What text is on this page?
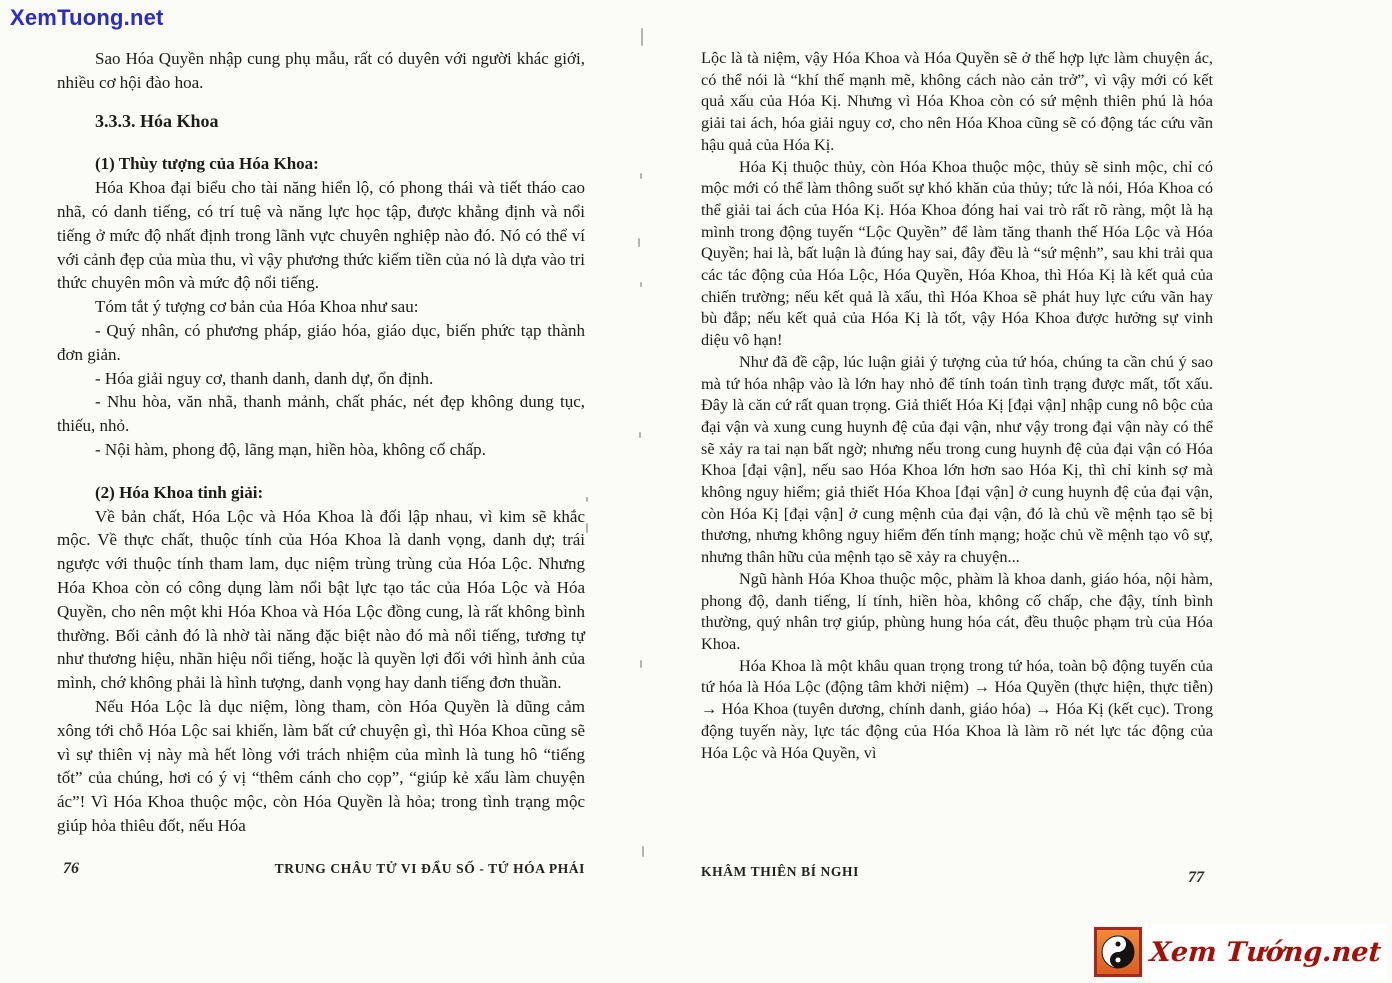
XemTuong.net

Sao Hóa Quyền nhập cung phụ mẫu, rất có duyên với người khác giới, nhiều cơ hội đào hoa.

3.3.3. Hóa Khoa

(1) Thùy tượng của Hóa Khoa:

Hóa Khoa đại biểu cho tài năng hiển lộ, có phong thái và tiết tháo cao nhã, có danh tiếng, có trí tuệ và năng lực học tập, được khẳng định và nổi tiếng ở mức độ nhất định trong lãnh vực chuyên nghiệp nào đó. Nó có thể ví với cảnh đẹp của mùa thu, vì vậy phương thức kiếm tiền của nó là dựa vào tri thức chuyên môn và mức độ nổi tiếng.

Tóm tắt ý tượng cơ bản của Hóa Khoa như sau:

- Quý nhân, có phương pháp, giáo hóa, giáo dục, biến phức tạp thành đơn giản.

- Hóa giải nguy cơ, thanh danh, danh dự, ổn định.

- Nhu hòa, văn nhã, thanh mảnh, chất phác, nét đẹp không dung tục, thiếu, nhỏ.

- Nội hàm, phong độ, lãng mạn, hiền hòa, không cố chấp.

(2) Hóa Khoa tinh giải:

Về bản chất, Hóa Lộc và Hóa Khoa là đối lập nhau, vì kim sẽ khắc mộc. Về thực chất, thuộc tính của Hóa Khoa là danh vọng, danh dự; trái ngược với thuộc tính tham lam, dục niệm trùng trùng của Hóa Lộc. Nhưng Hóa Khoa còn có công dụng làm nổi bật lực tạo tác của Hóa Lộc và Hóa Quyền, cho nên một khi Hóa Khoa và Hóa Lộc đồng cung, là rất không bình thường. Bối cảnh đó là nhờ tài năng đặc biệt nào đó mà nổi tiếng, tương tự như thương hiệu, nhãn hiệu nổi tiếng, hoặc là quyền lợi đối với hình ảnh của mình, chớ không phải là hình tượng, danh vọng hay danh tiếng đơn thuần.

Nếu Hóa Lộc là dục niệm, lòng tham, còn Hóa Quyền là dũng cảm xông tới chỗ Hóa Lộc sai khiến, làm bất cứ chuyện gì, thì Hóa Khoa cũng sẽ vì sự thiên vị này mà hết lòng với trách nhiệm của mình là tung hô “tiếng tốt” của chúng, hơi có ý vị “thêm cánh cho cọp”, “giúp kẻ xấu làm chuyện ác”! Vì Hóa Khoa thuộc mộc, còn Hóa Quyền là hỏa; trong tình trạng mộc giúp hỏa thiêu đốt, nếu Hóa

Lộc là tà niệm, vậy Hóa Khoa và Hóa Quyền sẽ ở thế hợp lực làm chuyện ác, có thể nói là “khí thế mạnh mẽ, không cách nào cản trở”, vì vậy mới có kết quả xấu của Hóa Kị. Nhưng vì Hóa Khoa còn có sứ mệnh thiên phú là hóa giải tai ách, hóa giải nguy cơ, cho nên Hóa Khoa cũng sẽ có động tác cứu vãn hậu quả của Hóa Kị.

Hóa Kị thuộc thủy, còn Hóa Khoa thuộc mộc, thủy sẽ sinh mộc, chỉ có mộc mới có thể làm thông suốt sự khó khăn của thủy; tức là nói, Hóa Khoa có thể giải tai ách của Hóa Kị. Hóa Khoa đóng hai vai trò rất rõ ràng, một là hạ mình trong động tuyến “Lộc Quyền” để làm tăng thanh thế Hóa Lộc và Hóa Quyền; hai là, bất luận là đúng hay sai, đây đều là “sứ mệnh”, sau khi trải qua các tác động của Hóa Lộc, Hóa Quyền, Hóa Khoa, thì Hóa Kị là kết quả của chiến trường; nếu kết quả là xấu, thì Hóa Khoa sẽ phát huy lực cứu vãn hay bù đắp; nếu kết quả của Hóa Kị là tốt, vậy Hóa Khoa được hưởng sự vinh diệu vô hạn!

Như đã đề cập, lúc luận giải ý tượng của tứ hóa, chúng ta cần chú ý sao mà tứ hóa nhập vào là lớn hay nhỏ để tính toán tình trạng được mất, tốt xấu. Đây là căn cứ rất quan trọng. Giả thiết Hóa Kị [đại vận] nhập cung nô bộc của đại vận và xung cung huynh đệ của đại vận, như vậy trong đại vận này có thể sẽ xảy ra tai nạn bất ngờ; nhưng nếu trong cung huynh đệ của đại vận có Hóa Khoa [đại vận], nếu sao Hóa Khoa lớn hơn sao Hóa Kị, thì chỉ kinh sợ mà không nguy hiểm; giả thiết Hóa Khoa [đại vận] ở cung huynh đệ của đại vận, còn Hóa Kị [đại vận] ở cung mệnh của đại vận, đó là chủ về mệnh tạo sẽ bị thương, nhưng không nguy hiểm đến tính mạng; hoặc chủ về mệnh tạo vô sự, nhưng thân hữu của mệnh tạo sẽ xảy ra chuyện...

Ngũ hành Hóa Khoa thuộc mộc, phàm là khoa danh, giáo hóa, nội hàm, phong độ, danh tiếng, lí tính, hiền hòa, không cố chấp, che đậy, tính bình thường, quý nhân trợ giúp, phùng hung hóa cát, đều thuộc phạm trù của Hóa Khoa.

Hóa Khoa là một khâu quan trọng trong tứ hóa, toàn bộ động tuyến của tứ hóa là Hóa Lộc (động tâm khởi niệm) → Hóa Quyền (thực hiện, thực tiễn) → Hóa Khoa (tuyên dương, chính danh, giáo hóa) → Hóa Kị (kết cục). Trong động tuyến này, lực tác động của Hóa Khoa là làm rõ nét lực tác động của Hóa Lộc và Hóa Quyền, vì

76	TRUNG CHÂU TỬ VI ĐẨU SỐ - TỨ HÓA PHÁI	KHÂM THIÊN BÍ NGHI	77
Xem Tướng.net
